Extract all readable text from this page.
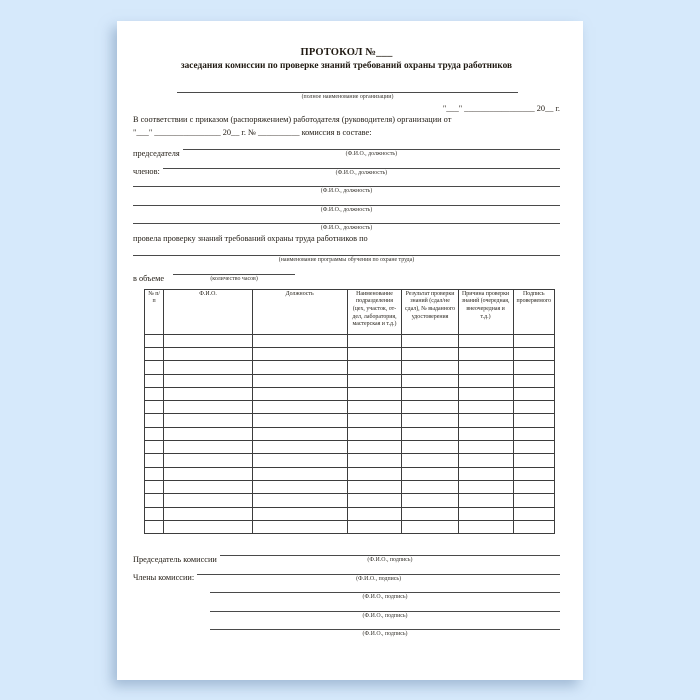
ПРОТОКОЛ №___
заседания комиссии по проверке знаний требований охраны труда работников
(полное наименование организации)
"___" _________________ 20__ г.
В соответствии с приказом (распоряжением) работодателя (руководителя) организации от
"___" ________________ 20__ г. № __________ комиссия в составе:
председателя	(Ф.И.О., должность)
членов:	(Ф.И.О., должность)
(Ф.И.О., должность)
(Ф.И.О., должность)
(Ф.И.О., должность)
провела проверку знаний требований охраны труда работников по
(наименование программы обучения по охране труда)
в объеме	(количество часов)
№ п/п	Ф.И.О.	Должность	Наименование подразделения (цех, участок, отдел, лаборатория, мастерская и т.д.)	Результат проверки знаний (сдал/не сдал), № выданного удостоверения	Причина проверки знаний (очередная, внеочередная и т.д.)	Подпись проверяемого

Председатель комиссии	(Ф.И.О., подпись)
Члены комиссии:	(Ф.И.О., подпись)
(Ф.И.О., подпись)
(Ф.И.О., подпись)
(Ф.И.О., подпись)
